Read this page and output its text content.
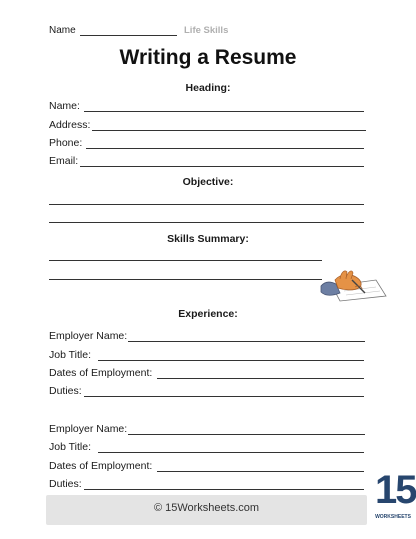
Name	Life Skills
Writing a Resume
Heading:
Name:
Address:
Phone:
Email:
Objective:
Skills Summary:
Experience:
Employer Name:
Job Title:
Dates of Employment:
Duties:
Employer Name:
Job Title:
Dates of Employment:
Duties:
© 15Worksheets.com	15
WORKSHEETS
